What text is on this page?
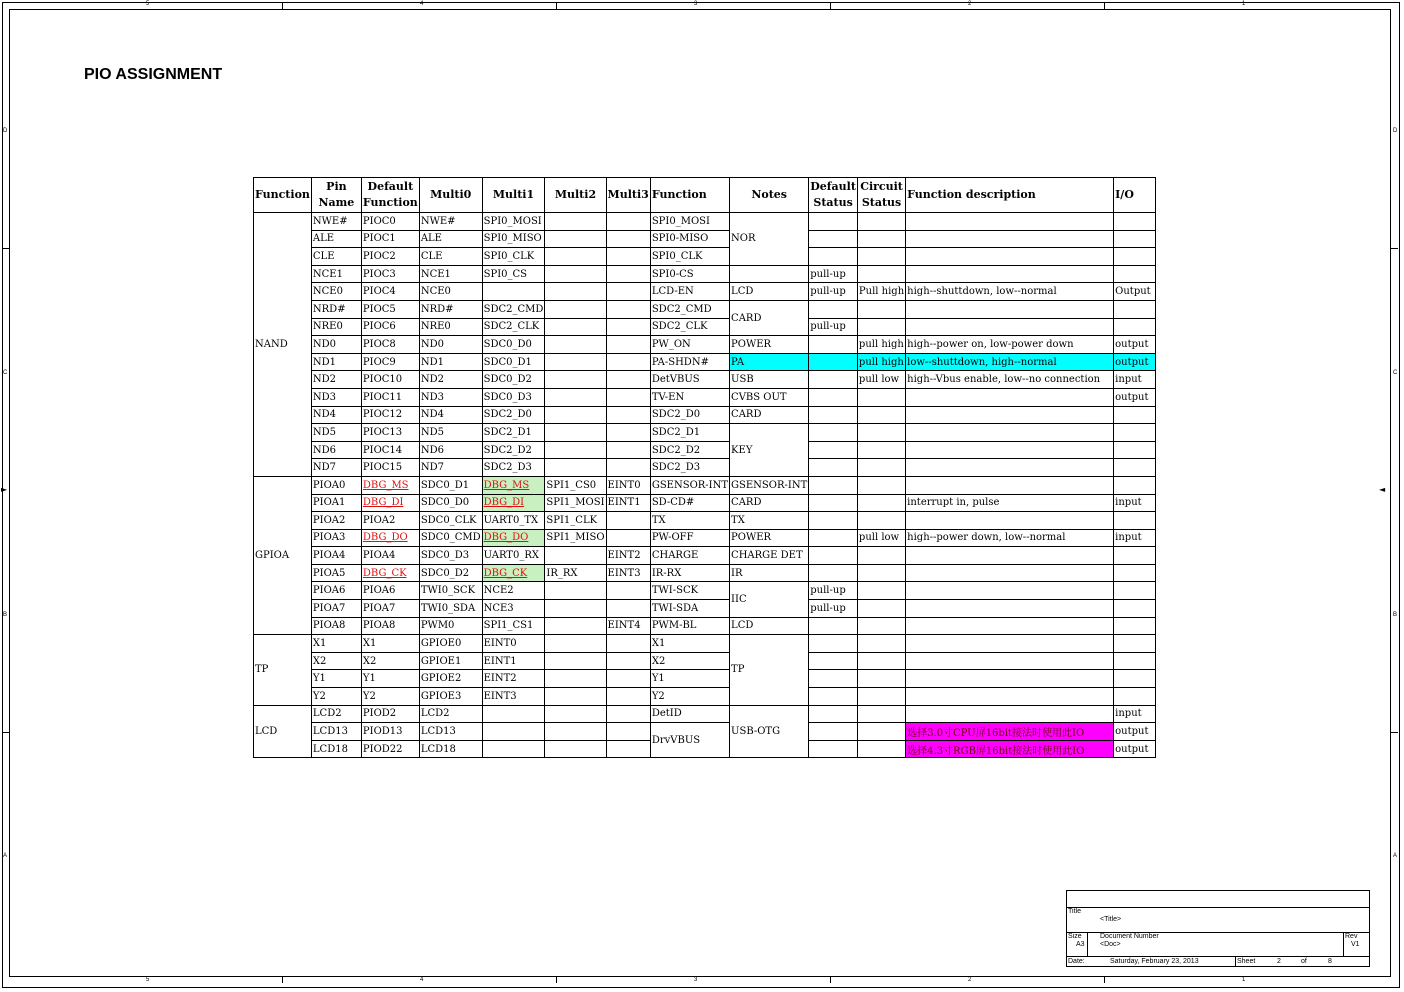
5	4	3	2	1
5	4	3	2	1
D
C
B
A
D
C
B
A
►	◄
PIO ASSIGNMENT
Function	Pin Name	Default Function	Multi0	Multi1	Multi2	Multi3	Function	Notes	Default Status	Circuit Status	Function description	I/O
NAND	NWE#	PIOC0	NWE#	SPI0_MOSI			SPI0_MOSI	NOR				
	ALE	PIOC1	ALE	SPI0_MISO			SPI0-MISO					
	CLE	PIOC2	CLE	SPI0_CLK			SPI0_CLK					
	NCE1	PIOC3	NCE1	SPI0_CS			SPI0-CS		pull-up			
	NCE0	PIOC4	NCE0				LCD-EN	LCD	pull-up	Pull high	high--shuttdown, low--normal	Output
	NRD#	PIOC5	NRD#	SDC2_CMD			SDC2_CMD	CARD				
	NRE0	PIOC6	NRE0	SDC2_CLK			SDC2_CLK		pull-up			
	ND0	PIOC8	ND0	SDC0_D0			PW_ON	POWER		pull high	high--power on, low-power down	output
	ND1	PIOC9	ND1	SDC0_D1			PA-SHDN#	PA		pull high	low--shuttdown, high--normal	output
	ND2	PIOC10	ND2	SDC0_D2			DetVBUS	USB		pull low	high--Vbus enable, low--no connection	input
	ND3	PIOC11	ND3	SDC0_D3			TV-EN	CVBS OUT				output
	ND4	PIOC12	ND4	SDC2_D0			SDC2_D0	CARD				
	ND5	PIOC13	ND5	SDC2_D1			SDC2_D1	KEY				
	ND6	PIOC14	ND6	SDC2_D2			SDC2_D2					
	ND7	PIOC15	ND7	SDC2_D3			SDC2_D3					
GPIOA	PIOA0	DBG_MS	SDC0_D1	DBG_MS	SPI1_CS0	EINT0	GSENSOR-INT	GSENSOR-INT				
	PIOA1	DBG_DI	SDC0_D0	DBG_DI	SPI1_MOSI	EINT1	SD-CD#	CARD			interrupt in, pulse	input
	PIOA2	PIOA2	SDC0_CLK	UART0_TX	SPI1_CLK		TX	TX				
	PIOA3	DBG_DO	SDC0_CMD	DBG_DO	SPI1_MISO		PW-OFF	POWER		pull low	high--power down, low--normal	input
	PIOA4	PIOA4	SDC0_D3	UART0_RX		EINT2	CHARGE	CHARGE DET				
	PIOA5	DBG_CK	SDC0_D2	DBG_CK	IR_RX	EINT3	IR-RX	IR				
	PIOA6	PIOA6	TWI0_SCK	NCE2			TWI-SCK	IIC	pull-up			
	PIOA7	PIOA7	TWI0_SDA	NCE3			TWI-SDA		pull-up			
	PIOA8	PIOA8	PWM0	SPI1_CS1		EINT4	PWM-BL	LCD				
TP	X1	X1	GPIOE0	EINT0			X1	TP				
	X2	X2	GPIOE1	EINT1			X2					
	Y1	Y1	GPIOE2	EINT2			Y1					
	Y2	Y2	GPIOE3	EINT3			Y2					
LCD	LCD2	PIOD2	LCD2				DetID	USB-OTG				input
	LCD13	PIOD13	LCD13				DrvVBUS				选择3.0寸CPU屏16bit接法时使用此IO	output
	LCD18	PIOD22	LCD18								选择4.3寸RGB屏16bit接法时使用此IO	output
Title
<Title>
Size
A3
Document Number
<Doc>
Rev
V1
Date:	Saturday, February 23, 2013	Sheet	2	of	8
